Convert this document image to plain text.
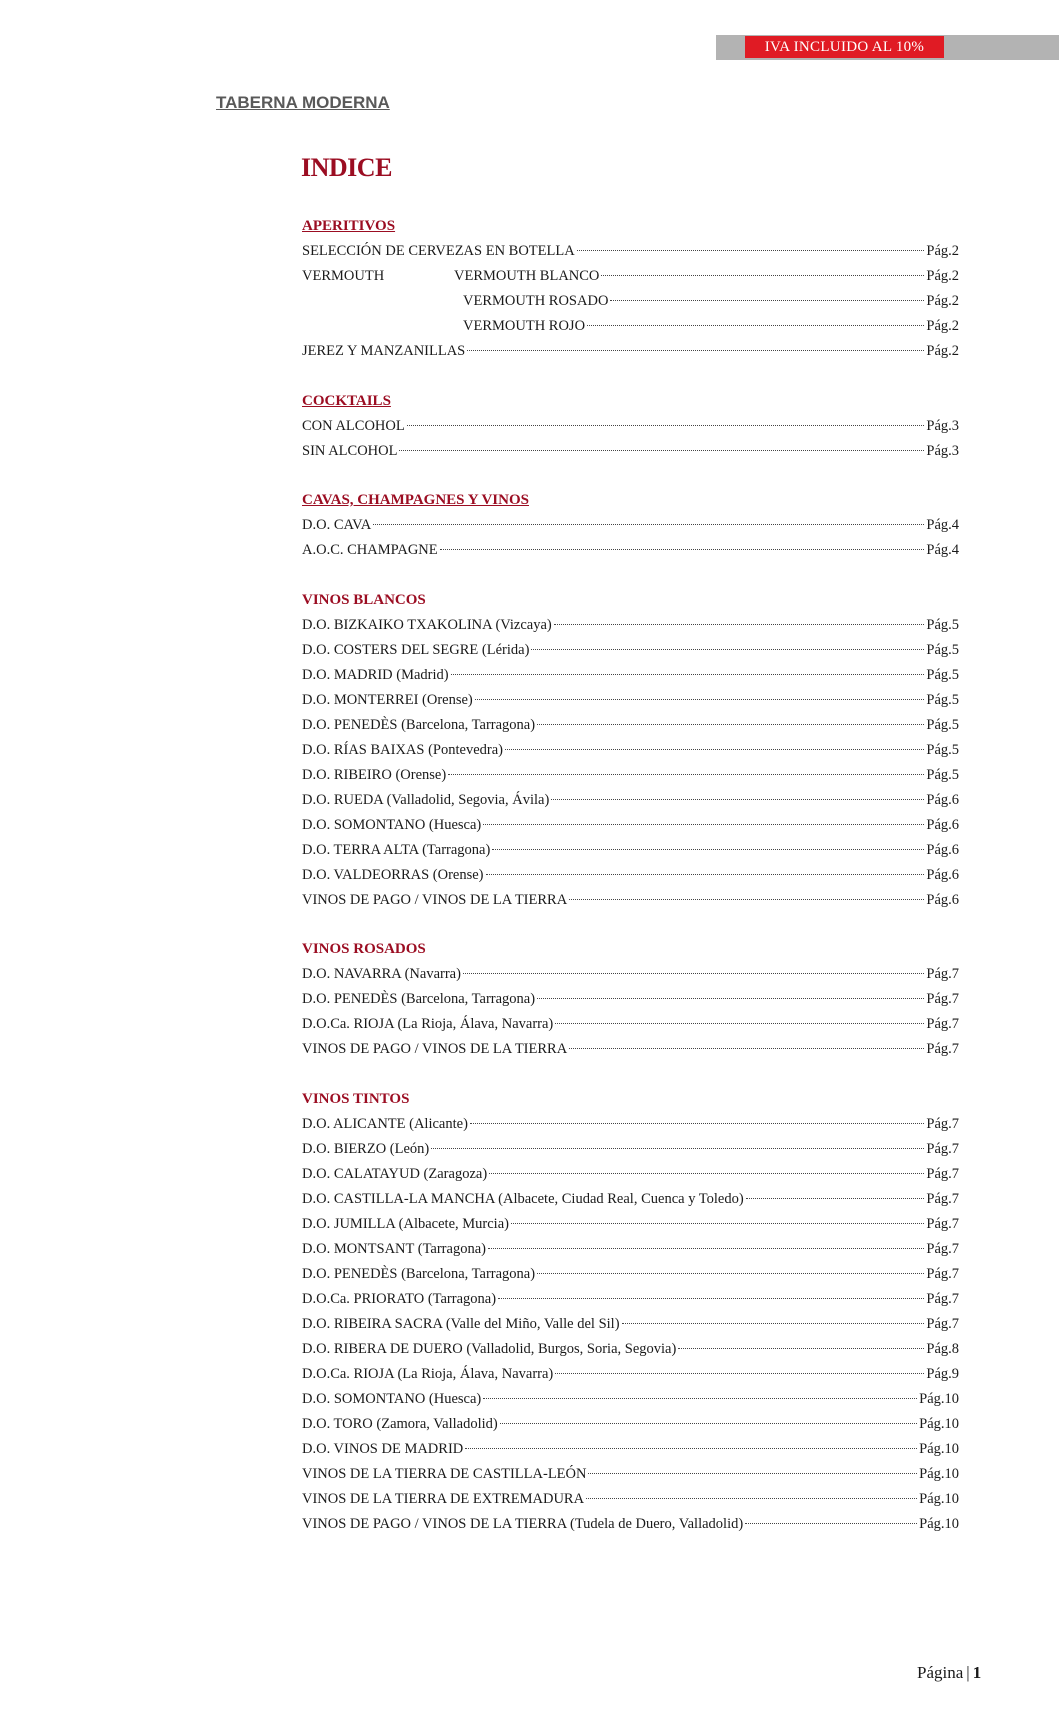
IVA INCLUIDO AL 10%
TABERNA MODERNA
INDICE
APERITIVOS
SELECCIÓN DE CERVEZAS EN BOTELLA	Pág.2
VERMOUTH	VERMOUTH BLANCO	Pág.2
VERMOUTH ROSADO	Pág.2
VERMOUTH ROJO	Pág.2
JEREZ Y MANZANILLAS	Pág.2
COCKTAILS
CON ALCOHOL	Pág.3
SIN ALCOHOL	Pág.3
CAVAS, CHAMPAGNES Y VINOS
D.O. CAVA	Pág.4
A.O.C. CHAMPAGNE	Pág.4
VINOS BLANCOS
D.O. BIZKAIKO TXAKOLINA (Vizcaya)	Pág.5
D.O. COSTERS DEL SEGRE (Lérida)	Pág.5
D.O. MADRID (Madrid)	Pág.5
D.O. MONTERREI (Orense)	Pág.5
D.O. PENEDÈS (Barcelona, Tarragona)	Pág.5
D.O. RÍAS BAIXAS (Pontevedra)	Pág.5
D.O. RIBEIRO (Orense)	Pág.5
D.O. RUEDA (Valladolid, Segovia, Ávila)	Pág.6
D.O. SOMONTANO (Huesca)	Pág.6
D.O. TERRA ALTA (Tarragona)	Pág.6
D.O. VALDEORRAS (Orense)	Pág.6
VINOS DE PAGO / VINOS DE LA TIERRA	Pág.6
VINOS ROSADOS
D.O. NAVARRA (Navarra)	Pág.7
D.O. PENEDÈS (Barcelona, Tarragona)	Pág.7
D.O.Ca. RIOJA (La Rioja, Álava, Navarra)	Pág.7
VINOS DE PAGO / VINOS DE LA TIERRA	Pág.7
VINOS TINTOS
D.O. ALICANTE (Alicante)	Pág.7
D.O. BIERZO (León)	Pág.7
D.O. CALATAYUD (Zaragoza)	Pág.7
D.O. CASTILLA-LA MANCHA (Albacete, Ciudad Real, Cuenca y Toledo)	Pág.7
D.O. JUMILLA (Albacete, Murcia)	Pág.7
D.O. MONTSANT (Tarragona)	Pág.7
D.O. PENEDÈS (Barcelona, Tarragona)	Pág.7
D.O.Ca. PRIORATO (Tarragona)	Pág.7
D.O. RIBEIRA SACRA (Valle del Miño, Valle del Sil)	Pág.7
D.O. RIBERA DE DUERO (Valladolid, Burgos, Soria, Segovia)	Pág.8
D.O.Ca. RIOJA (La Rioja, Álava, Navarra)	Pág.9
D.O. SOMONTANO (Huesca)	Pág.10
D.O. TORO (Zamora, Valladolid)	Pág.10
D.O. VINOS DE MADRID	Pág.10
VINOS DE LA TIERRA DE CASTILLA-LEÓN	Pág.10
VINOS DE LA TIERRA DE EXTREMADURA	Pág.10
VINOS DE PAGO / VINOS DE LA TIERRA (Tudela de Duero, Valladolid)	Pág.10
Página | 1
